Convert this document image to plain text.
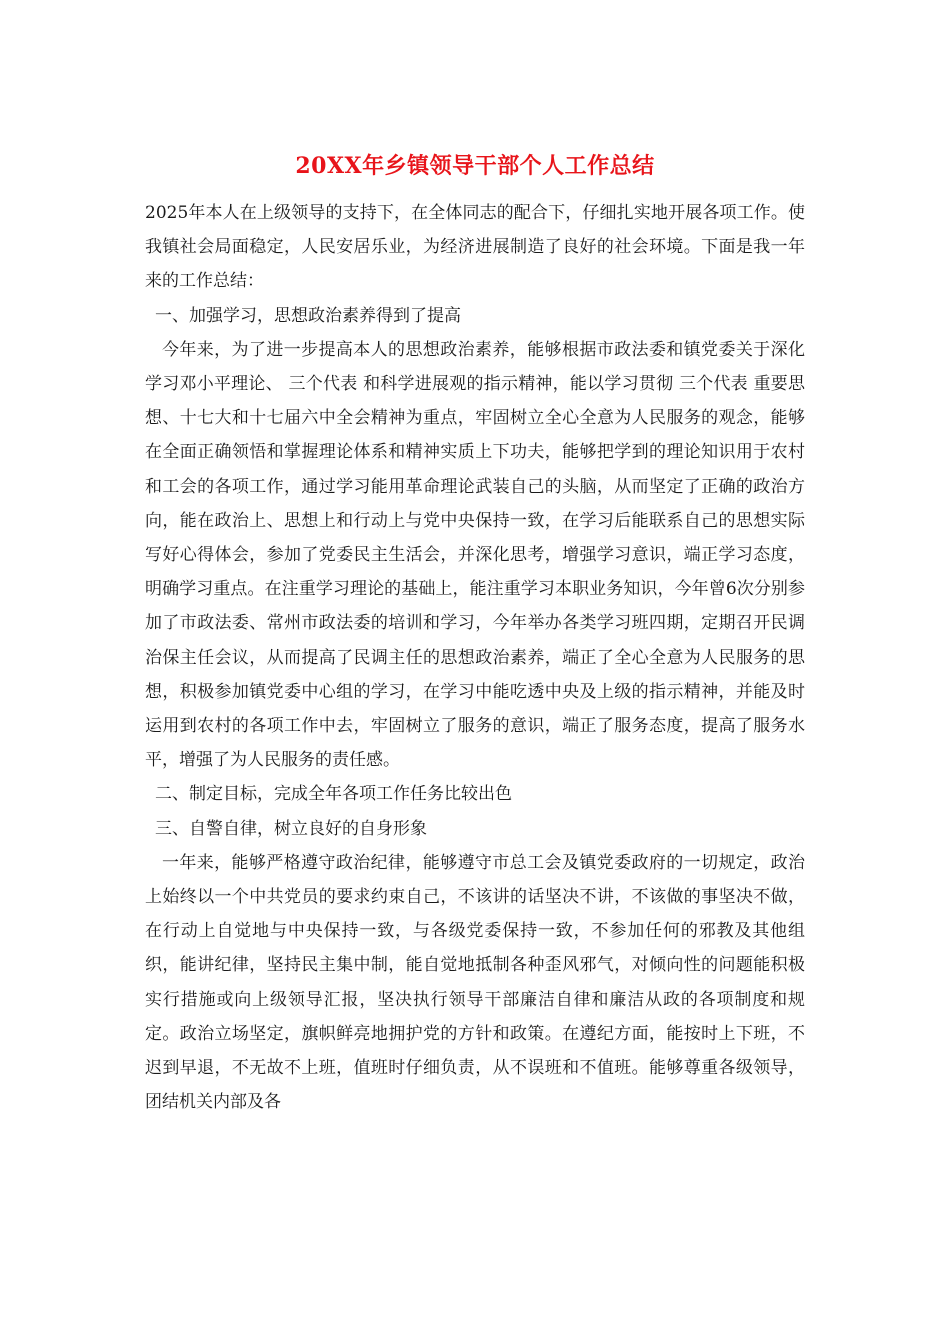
20XX年乡镇领导干部个人工作总结

2025年本人在上级领导的支持下，在全体同志的配合下，仔细扎实地开展各项工作。使我镇社会局面稳定，人民安居乐业，为经济进展制造了良好的社会环境。下面是我一年来的工作总结：

一、加强学习，思想政治素养得到了提高

今年来，为了进一步提高本人的思想政治素养，能够根据市政法委和镇党委关于深化学习邓小平理论、 三个代表 和科学进展观的指示精神，能以学习贯彻 三个代表 重要思想、十七大和十七届六中全会精神为重点，牢固树立全心全意为人民服务的观念，能够在全面正确领悟和掌握理论体系和精神实质上下功夫，能够把学到的理论知识用于农村和工会的各项工作，通过学习能用革命理论武装自己的头脑，从而坚定了正确的政治方向，能在政治上、思想上和行动上与党中央保持一致，在学习后能联系自己的思想实际写好心得体会，参加了党委民主生活会，并深化思考，增强学习意识，端正学习态度，明确学习重点。在注重学习理论的基础上，能注重学习本职业务知识，今年曾6次分别参加了市政法委、常州市政法委的培训和学习，今年举办各类学习班四期，定期召开民调治保主任会议，从而提高了民调主任的思想政治素养，端正了全心全意为人民服务的思想，积极参加镇党委中心组的学习，在学习中能吃透中央及上级的指示精神，并能及时运用到农村的各项工作中去，牢固树立了服务的意识，端正了服务态度，提高了服务水平，增强了为人民服务的责任感。

二、制定目标，完成全年各项工作任务比较出色

三、自警自律，树立良好的自身形象

一年来，能够严格遵守政治纪律，能够遵守市总工会及镇党委政府的一切规定，政治上始终以一个中共党员的要求约束自己，不该讲的话坚决不讲，不该做的事坚决不做，在行动上自觉地与中央保持一致，与各级党委保持一致，不参加任何的邪教及其他组织，能讲纪律，坚持民主集中制，能自觉地抵制各种歪风邪气，对倾向性的问题能积极实行措施或向上级领导汇报，坚决执行领导干部廉洁自律和廉洁从政的各项制度和规定。政治立场坚定，旗帜鲜亮地拥护党的方针和政策。在遵纪方面，能按时上下班，不迟到早退，不无故不上班，值班时仔细负责，从不误班和不值班。能够尊重各级领导，团结机关内部及各
